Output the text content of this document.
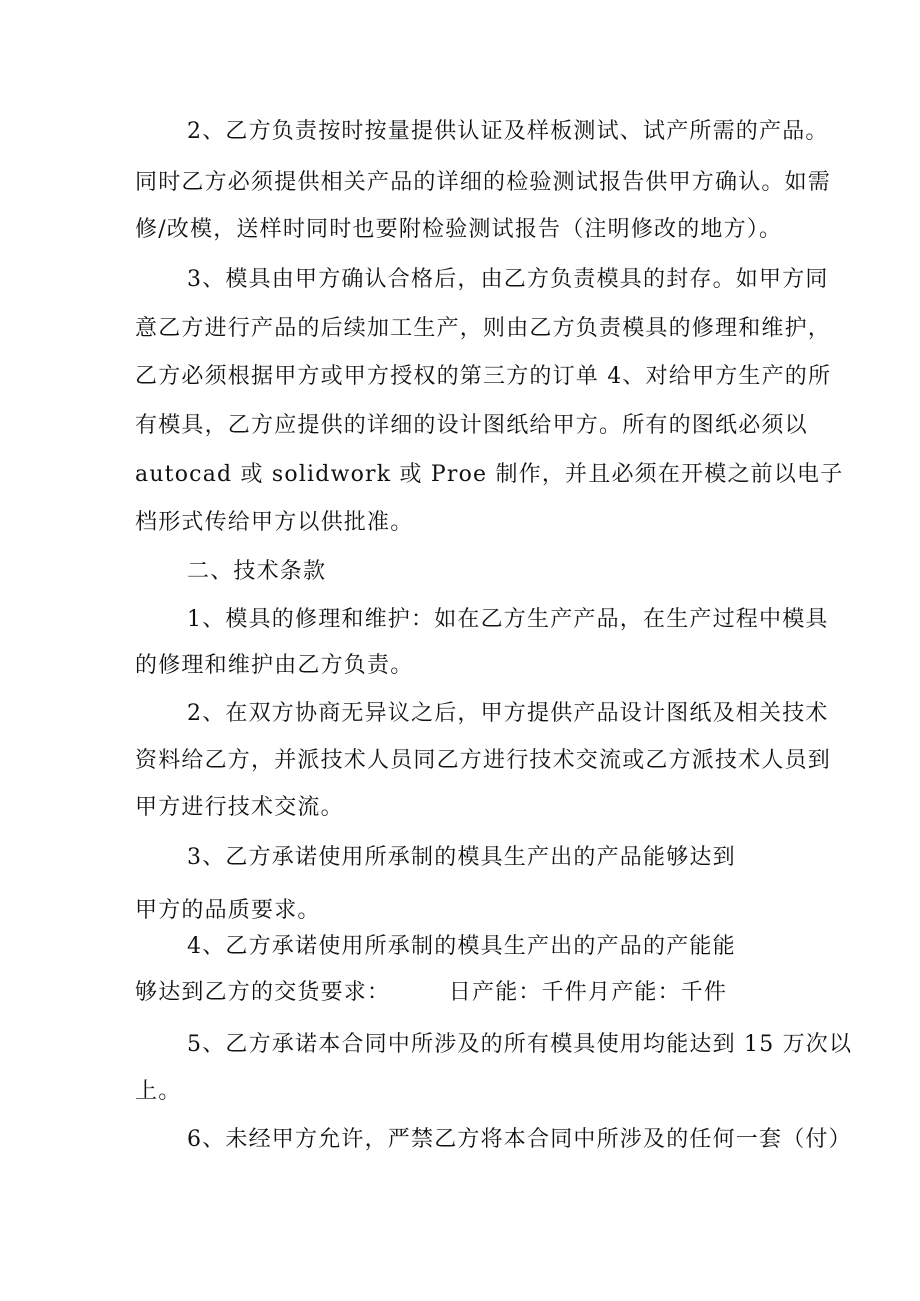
2、乙方负责按时按量提供认证及样板测试、试产所需的产品。
同时乙方必须提供相关产品的详细的检验测试报告供甲方确认。如需
修/改模，送样时同时也要附检验测试报告（注明修改的地方）。
3、模具由甲方确认合格后，由乙方负责模具的封存。如甲方同
意乙方进行产品的后续加工生产，则由乙方负责模具的修理和维护，
乙方必须根据甲方或甲方授权的第三方的订单 4、对给甲方生产的所
有模具，乙方应提供的详细的设计图纸给甲方。所有的图纸必须以
autocad 或 solidwork 或 Proe 制作，并且必须在开模之前以电子
档形式传给甲方以供批准。
二、技术条款
1、模具的修理和维护：如在乙方生产产品，在生产过程中模具
的修理和维护由乙方负责。
2、在双方协商无异议之后，甲方提供产品设计图纸及相关技术
资料给乙方，并派技术人员同乙方进行技术交流或乙方派技术人员到
甲方进行技术交流。
3、乙方承诺使用所承制的模具生产出的产品能够达到
甲方的品质要求。
4、乙方承诺使用所承制的模具生产出的产品的产能能
够达到乙方的交货要求：　　　日产能：千件月产能：千件
5、乙方承诺本合同中所涉及的所有模具使用均能达到 15 万次以
上。
6、未经甲方允许，严禁乙方将本合同中所涉及的任何一套（付）
